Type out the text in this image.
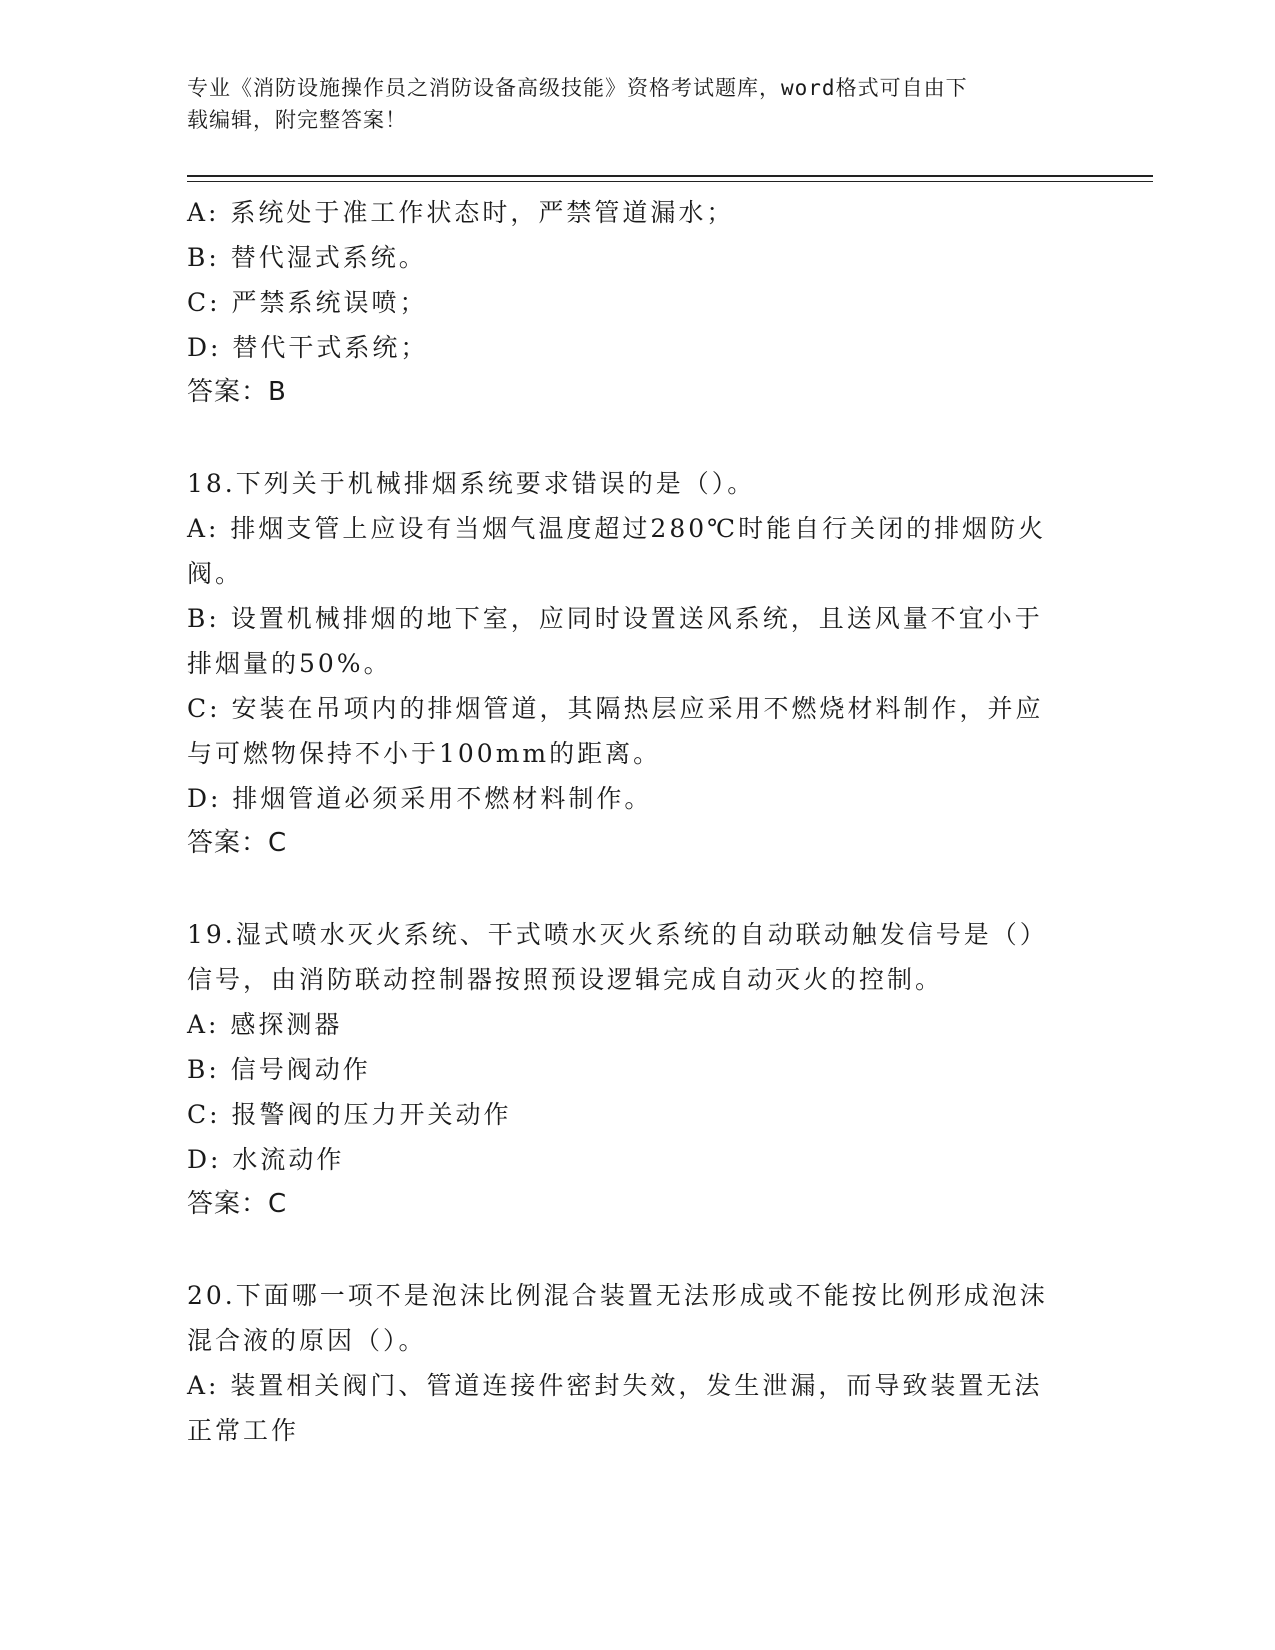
专业《消防设施操作员之消防设备高级技能》资格考试题库，word格式可自由下
载编辑，附完整答案！

A: 系统处于准工作状态时，严禁管道漏水；

B: 替代湿式系统。

C: 严禁系统误喷；

D: 替代干式系统；

答案：B

18.下列关于机械排烟系统要求错误的是（）。

A: 排烟支管上应设有当烟气温度超过280℃时能自行关闭的排烟防火

阀。

B: 设置机械排烟的地下室，应同时设置送风系统，且送风量不宜小于

排烟量的50%。

C: 安装在吊项内的排烟管道，其隔热层应采用不燃烧材料制作，并应

与可燃物保持不小于100mm的距离。

D: 排烟管道必须采用不燃材料制作。

答案：C

19.湿式喷水灭火系统、干式喷水灭火系统的自动联动触发信号是（）

信号，由消防联动控制器按照预设逻辑完成自动灭火的控制。

A: 感探测器

B: 信号阀动作

C: 报警阀的压力开关动作

D: 水流动作

答案：C

20.下面哪一项不是泡沫比例混合装置无法形成或不能按比例形成泡沫

混合液的原因（）。

A: 装置相关阀门、管道连接件密封失效，发生泄漏，而导致装置无法

正常工作
